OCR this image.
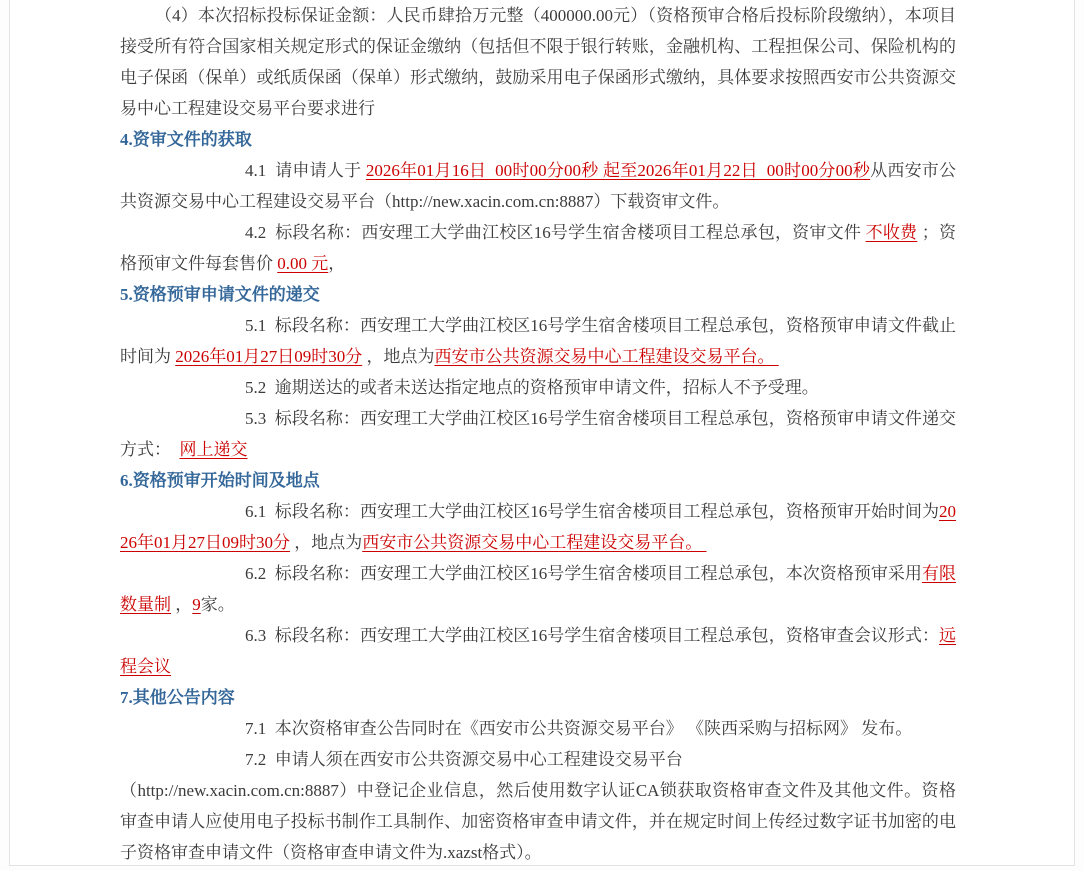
（4）本次招标投标保证金额：人民币肆拾万元整（400000.00元）（资格预审合格后投标阶段缴纳），本项目接受所有符合国家相关规定形式的保证金缴纳（包括但不限于银行转账，金融机构、工程担保公司、保险机构的电子保函（保单）或纸质保函（保单）形式缴纳，鼓励采用电子保函形式缴纳，具体要求按照西安市公共资源交易中心工程建设交易平台要求进行

4.资审文件的获取

4.1  请申请人于 2026年01月16日  00时00分00秒 起至2026年01月22日  00时00分00秒从西安市公共资源交易中心工程建设交易平台（http://new.xacin.com.cn:8887）下载资审文件。

4.2  标段名称：西安理工大学曲江校区16号学生宿舍楼项目工程总承包，资审文件 不收费 ；资格预审文件每套售价 0.00 元，

5.资格预审申请文件的递交

5.1  标段名称：西安理工大学曲江校区16号学生宿舍楼项目工程总承包，资格预审申请文件截止时间为 2026年01月27日09时30分 ，地点为西安市公共资源交易中心工程建设交易平台。

5.2  逾期送达的或者未送达指定地点的资格预审申请文件，招标人不予受理。

5.3  标段名称：西安理工大学曲江校区16号学生宿舍楼项目工程总承包，资格预审申请文件递交方式：  网上递交

6.资格预审开始时间及地点

6.1  标段名称：西安理工大学曲江校区16号学生宿舍楼项目工程总承包，资格预审开始时间为2026年01月27日09时30分 ，地点为西安市公共资源交易中心工程建设交易平台。

6.2  标段名称：西安理工大学曲江校区16号学生宿舍楼项目工程总承包，本次资格预审采用有限数量制 ，9家。

6.3  标段名称：西安理工大学曲江校区16号学生宿舍楼项目工程总承包，资格审查会议形式：远程会议

7.其他公告内容

7.1  本次资格审查公告同时在《西安市公共资源交易平台》 《陕西采购与招标网》 发布。

7.2  申请人须在西安市公共资源交易中心工程建设交易平台

（http://new.xacin.com.cn:8887）中登记企业信息，然后使用数字认证CA锁获取资格审查文件及其他文件。资格审查申请人应使用电子投标书制作工具制作、加密资格审查申请文件，并在规定时间上传经过数字证书加密的电子资格审查申请文件（资格审查申请文件为.xazst格式）。
